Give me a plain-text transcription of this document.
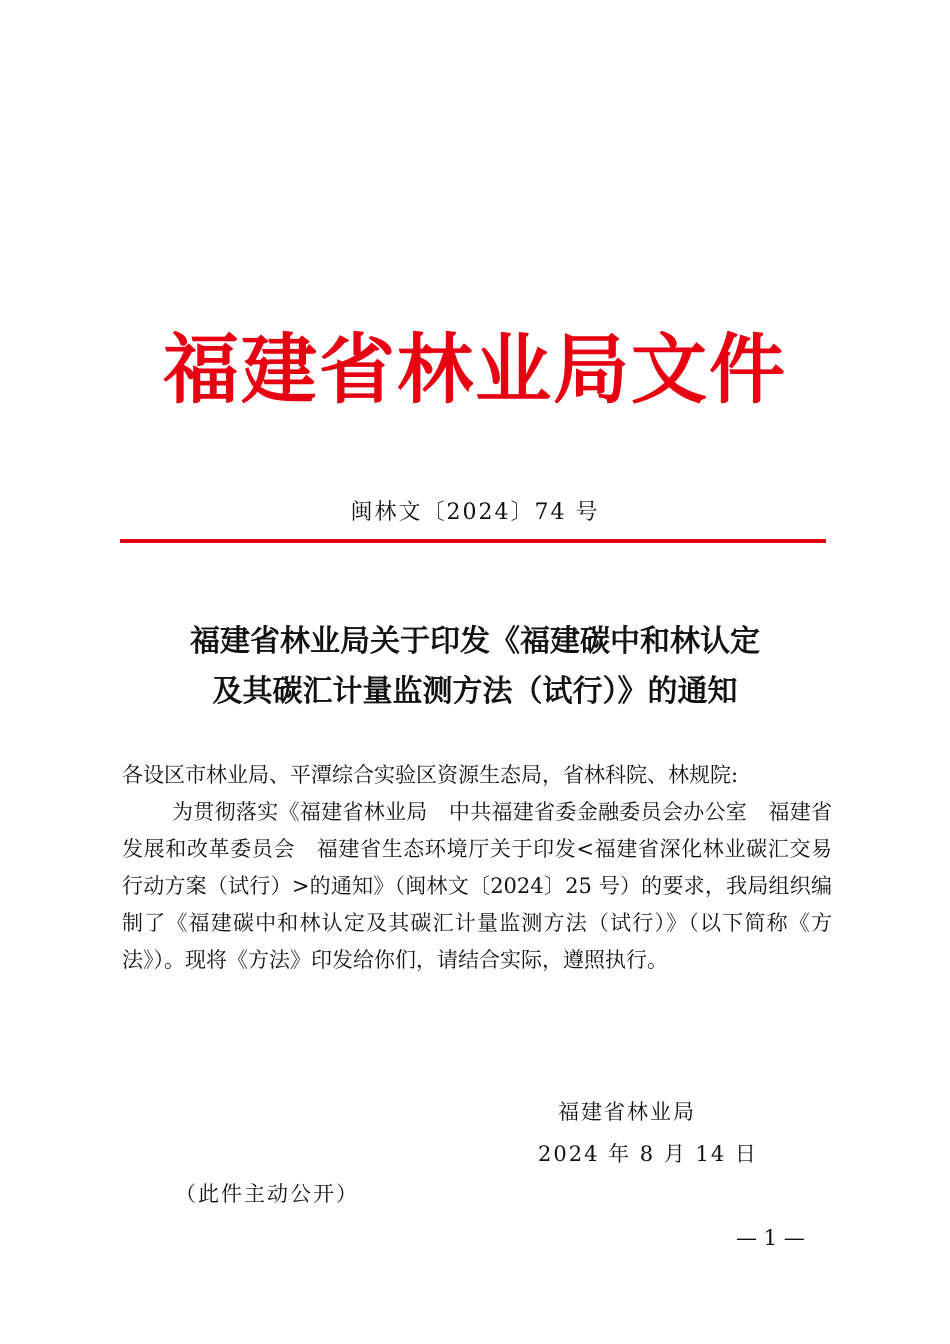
福建省林业局文件
闽林文〔2024〕74 号
福建省林业局关于印发《福建碳中和林认定
及其碳汇计量监测方法（试行）》的通知

各设区市林业局、平潭综合实验区资源生态局，省林科院、林规院:

为贯彻落实《福建省林业局　中共福建省委金融委员会办公室　福建省发展和改革委员会　福建省生态环境厅关于印发<福建省深化林业碳汇交易行动方案（试行）>的通知》（闽林文〔2024〕25 号）的要求，我局组织编制了《福建碳中和林认定及其碳汇计量监测方法（试行）》（以下简称《方法》）。现将《方法》印发给你们，请结合实际，遵照执行。

福建省林业局
2024 年 8 月 14 日
（此件主动公开）
— 1 —
